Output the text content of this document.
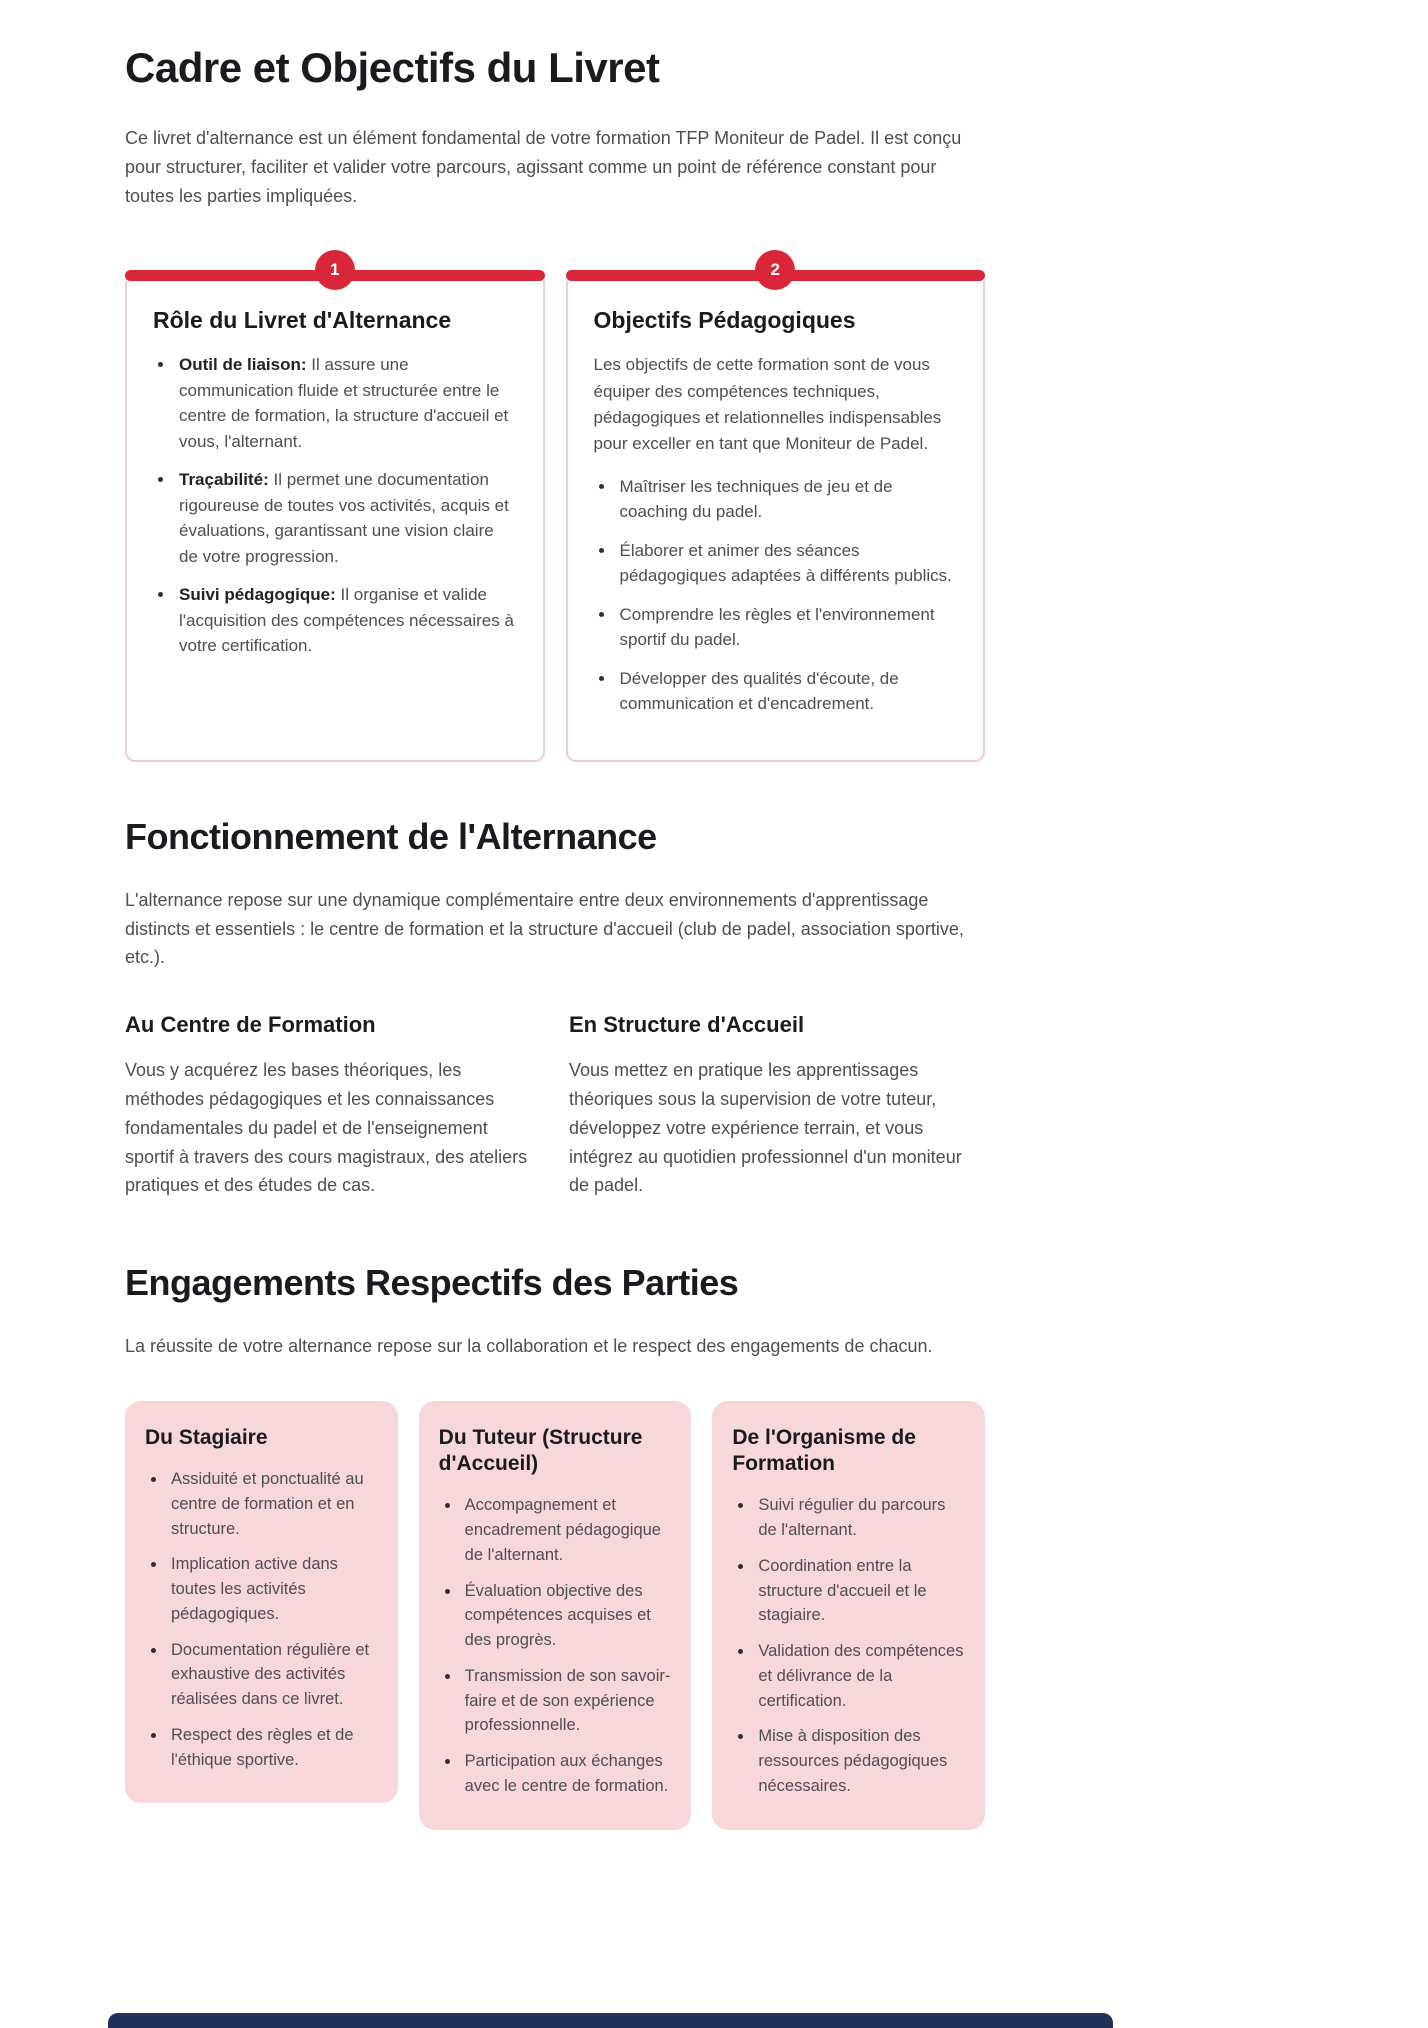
Cadre et Objectifs du Livret

Ce livret d'alternance est un élément fondamental de votre formation TFP Moniteur de Padel. Il est conçu pour structurer, faciliter et valider votre parcours, agissant comme un point de référence constant pour toutes les parties impliquées.

1
Rôle du Livret d'Alternance
• Outil de liaison: Il assure une communication fluide et structurée entre le centre de formation, la structure d'accueil et vous, l'alternant.
• Traçabilité: Il permet une documentation rigoureuse de toutes vos activités, acquis et évaluations, garantissant une vision claire de votre progression.
• Suivi pédagogique: Il organise et valide l'acquisition des compétences nécessaires à votre certification.
2
Objectifs Pédagogiques

Les objectifs de cette formation sont de vous équiper des compétences techniques, pédagogiques et relationnelles indispensables pour exceller en tant que Moniteur de Padel.

• Maîtriser les techniques de jeu et de coaching du padel.
• Élaborer et animer des séances pédagogiques adaptées à différents publics.
• Comprendre les règles et l'environnement sportif du padel.
• Développer des qualités d'écoute, de communication et d'encadrement.
Fonctionnement de l'Alternance

L'alternance repose sur une dynamique complémentaire entre deux environnements d'apprentissage distincts et essentiels : le centre de formation et la structure d'accueil (club de padel, association sportive, etc.).

Au Centre de Formation

Vous y acquérez les bases théoriques, les méthodes pédagogiques et les connaissances fondamentales du padel et de l'enseignement sportif à travers des cours magistraux, des ateliers pratiques et des études de cas.

En Structure d'Accueil

Vous mettez en pratique les apprentissages théoriques sous la supervision de votre tuteur, développez votre expérience terrain, et vous intégrez au quotidien professionnel d'un moniteur de padel.

Engagements Respectifs des Parties

La réussite de votre alternance repose sur la collaboration et le respect des engagements de chacun.

Du Stagiaire
• Assiduité et ponctualité au centre de formation et en structure.
• Implication active dans toutes les activités pédagogiques.
• Documentation régulière et exhaustive des activités réalisées dans ce livret.
• Respect des règles et de l'éthique sportive.
Du Tuteur (Structure d'Accueil)
• Accompagnement et encadrement pédagogique de l'alternant.
• Évaluation objective des compétences acquises et des progrès.
• Transmission de son savoir-faire et de son expérience professionnelle.
• Participation aux échanges avec le centre de formation.
De l'Organisme de Formation
• Suivi régulier du parcours de l'alternant.
• Coordination entre la structure d'accueil et le stagiaire.
• Validation des compétences et délivrance de la certification.
• Mise à disposition des ressources pédagogiques nécessaires.
